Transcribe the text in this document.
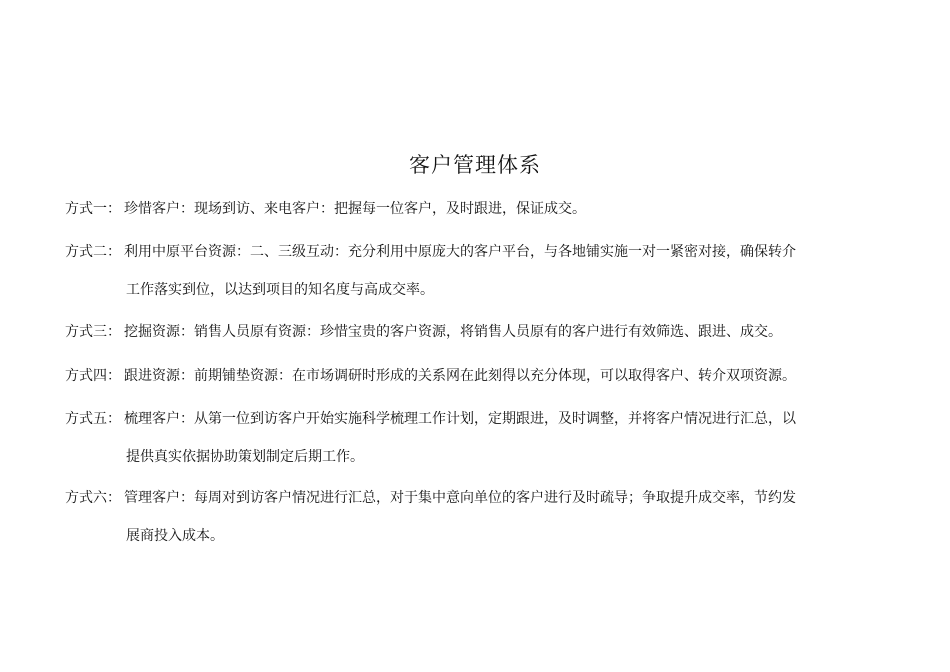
客户管理体系
方式一： 珍惜客户：现场到访、来电客户：把握每一位客户，及时跟进，保证成交。
方式二： 利用中原平台资源：二、三级互动：充分利用中原庞大的客户平台，与各地铺实施一对一紧密对接，确保转介
工作落实到位，以达到项目的知名度与高成交率。
方式三： 挖掘资源：销售人员原有资源：珍惜宝贵的客户资源，将销售人员原有的客户进行有效筛选、跟进、成交。
方式四： 跟进资源：前期铺垫资源：在市场调研时形成的关系网在此刻得以充分体现，可以取得客户、转介双项资源。
方式五： 梳理客户：从第一位到访客户开始实施科学梳理工作计划，定期跟进，及时调整，并将客户情况进行汇总，以
提供真实依据协助策划制定后期工作。
方式六： 管理客户：每周对到访客户情况进行汇总，对于集中意向单位的客户进行及时疏导；争取提升成交率，节约发
展商投入成本。
